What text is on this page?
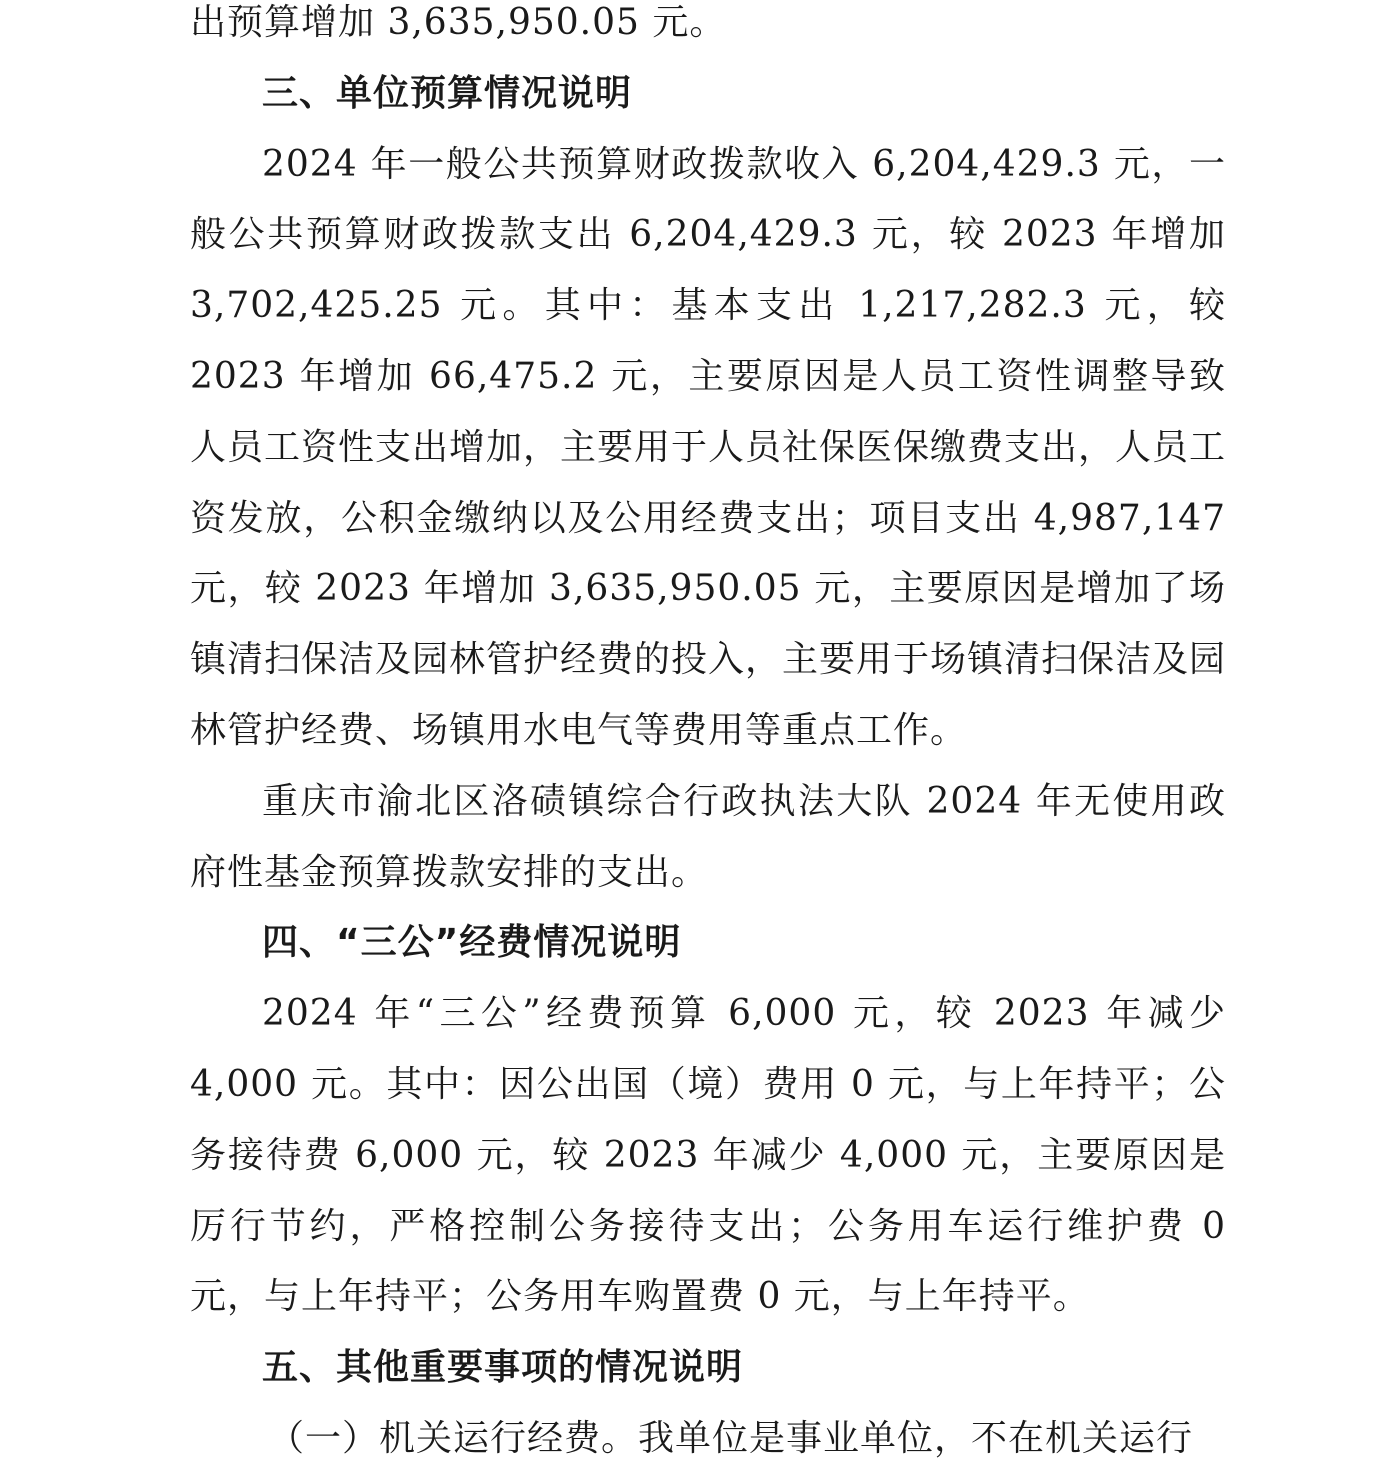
出预算增加 3,635,950.05 元。

三、单位预算情况说明

2024 年一般公共预算财政拨款收入 6,204,429.3 元，一般公共预算财政拨款支出 6,204,429.3 元，较 2023 年增加 3,702,425.25 元。其中：基本支出 1,217,282.3 元，较 2023 年增加 66,475.2 元，主要原因是人员工资性调整导致人员工资性支出增加，主要用于人员社保医保缴费支出，人员工资发放，公积金缴纳以及公用经费支出；项目支出 4,987,147 元，较 2023 年增加 3,635,950.05 元，主要原因是增加了场镇清扫保洁及园林管护经费的投入，主要用于场镇清扫保洁及园林管护经费、场镇用水电气等费用等重点工作。

重庆市渝北区洛碛镇综合行政执法大队 2024 年无使用政府性基金预算拨款安排的支出。

四、“三公”经费情况说明

2024 年“三公”经费预算 6,000 元，较 2023 年减少 4,000 元。其中：因公出国（境）费用 0 元，与上年持平；公务接待费 6,000 元，较 2023 年减少 4,000 元，主要原因是厉行节约，严格控制公务接待支出；公务用车运行维护费 0 元，与上年持平；公务用车购置费 0 元，与上年持平。

五、其他重要事项的情况说明

（一）机关运行经费。我单位是事业单位，不在机关运行
